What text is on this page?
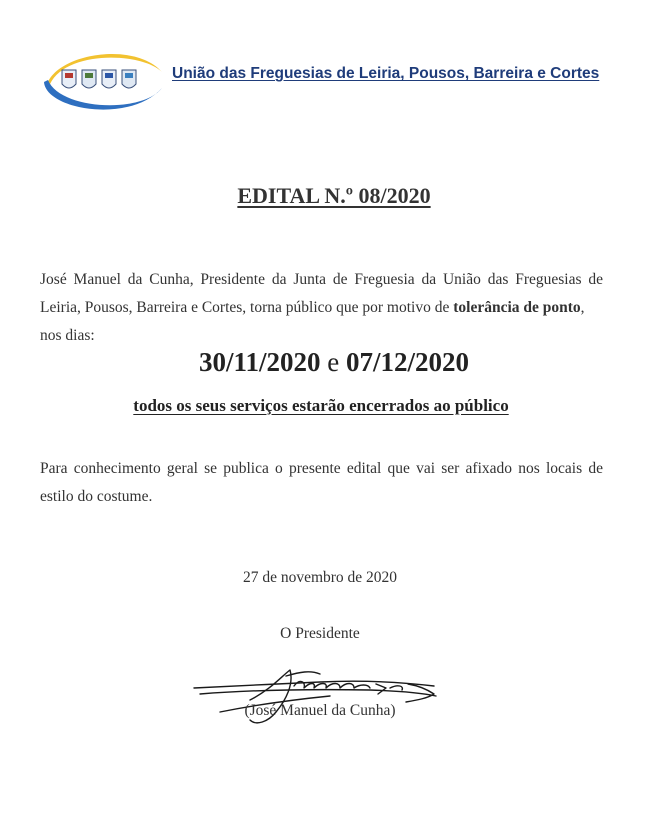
União das Freguesias de Leiria, Pousos, Barreira e Cortes
EDITAL N.º 08/2020
José Manuel da Cunha, Presidente da Junta de Freguesia da União das Freguesias de
Leiria, Pousos, Barreira e Cortes, torna público que por motivo de tolerância de ponto,
nos dias:
30/11/2020 e 07/12/2020
todos os seus serviços estarão encerrados ao público
Para conhecimento geral se publica o presente edital que vai ser afixado nos locais de
estilo do costume.
27 de novembro de 2020
O Presidente
(José Manuel da Cunha)
